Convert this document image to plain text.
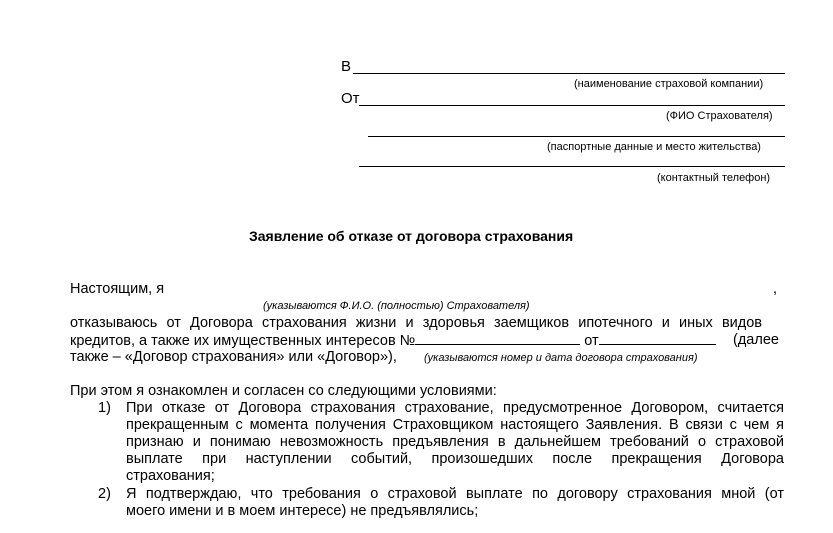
В
(наименование страховой компании)
От
(ФИО Страхователя)
(паспортные данные и место жительства)
(контактный телефон)
Заявление об отказе от договора страхования
Настоящим, я	,
(указываются Ф.И.О. (полностью) Страхователя)
отказываюсь от Договора страхования жизни и здоровья заемщиков ипотечного и иных видов
кредитов, а также их имущественных интересов №	от	(далее
также – «Договор страхования» или «Договор»), (указываются номер и дата договора страхования)
При этом я ознакомлен и согласен со следующими условиями:
1) При отказе от Договора страхования страхование, предусмотренное Договором, считается
прекращенным с момента получения Страховщиком настоящего Заявления. В связи с чем я
признаю и понимаю невозможность предъявления в дальнейшем требований о страховой
выплате при наступлении событий, произошедших после прекращения Договора
страхования;
2) Я подтверждаю, что требования о страховой выплате по договору страхования мной (от
моего имени и в моем интересе) не предъявлялись;
